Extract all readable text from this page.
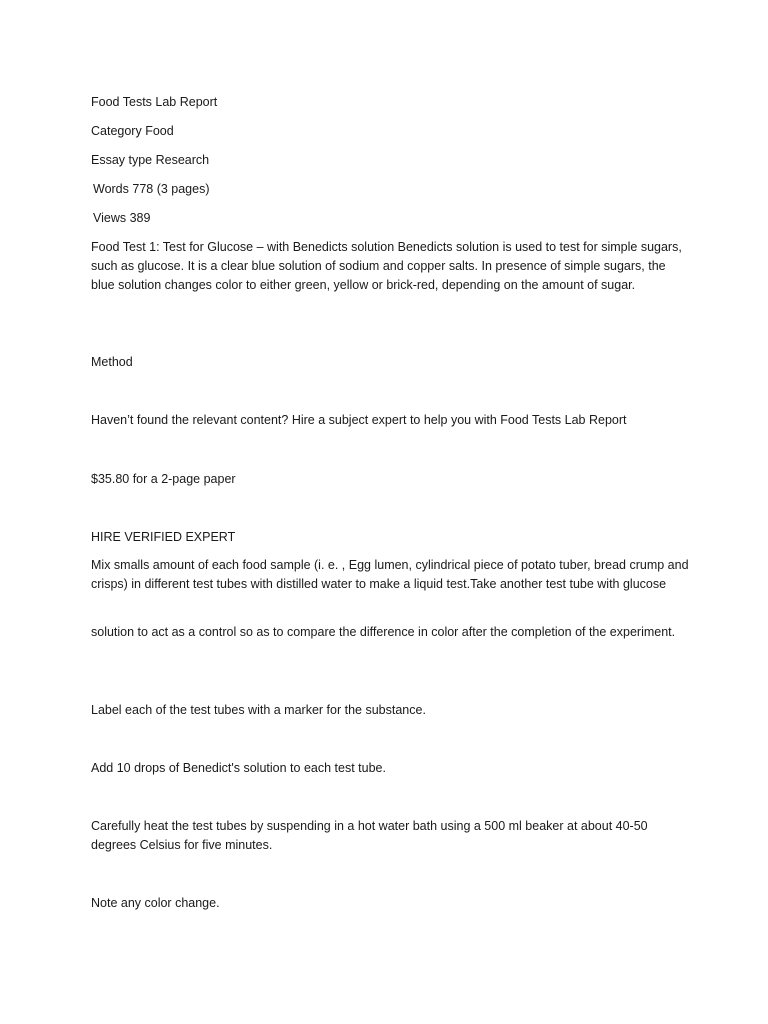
Food Tests Lab Report

Category Food

Essay type Research

Words 778 (3 pages)

Views 389

Food Test 1: Test for Glucose – with Benedicts solution Benedicts solution is used to test for simple sugars, such as glucose. It is a clear blue solution of sodium and copper salts. In presence of simple sugars, the blue solution changes color to either green, yellow or brick-red, depending on the amount of sugar.

Method

Haven’t found the relevant content? Hire a subject expert to help you with Food Tests Lab Report

$35.80 for a 2-page paper

HIRE VERIFIED EXPERT

Mix smalls amount of each food sample (i. e. , Egg lumen, cylindrical piece of potato tuber, bread crump and crisps) in different test tubes with distilled water to make a liquid test.Take another test tube with glucose

solution to act as a control so as to compare the difference in color after the completion of the experiment.

Label each of the test tubes with a marker for the substance.

Add 10 drops of Benedict's solution to each test tube.

Carefully heat the test tubes by suspending in a hot water bath using a 500 ml beaker at about 40-50 degrees Celsius for five minutes.

Note any color change.
